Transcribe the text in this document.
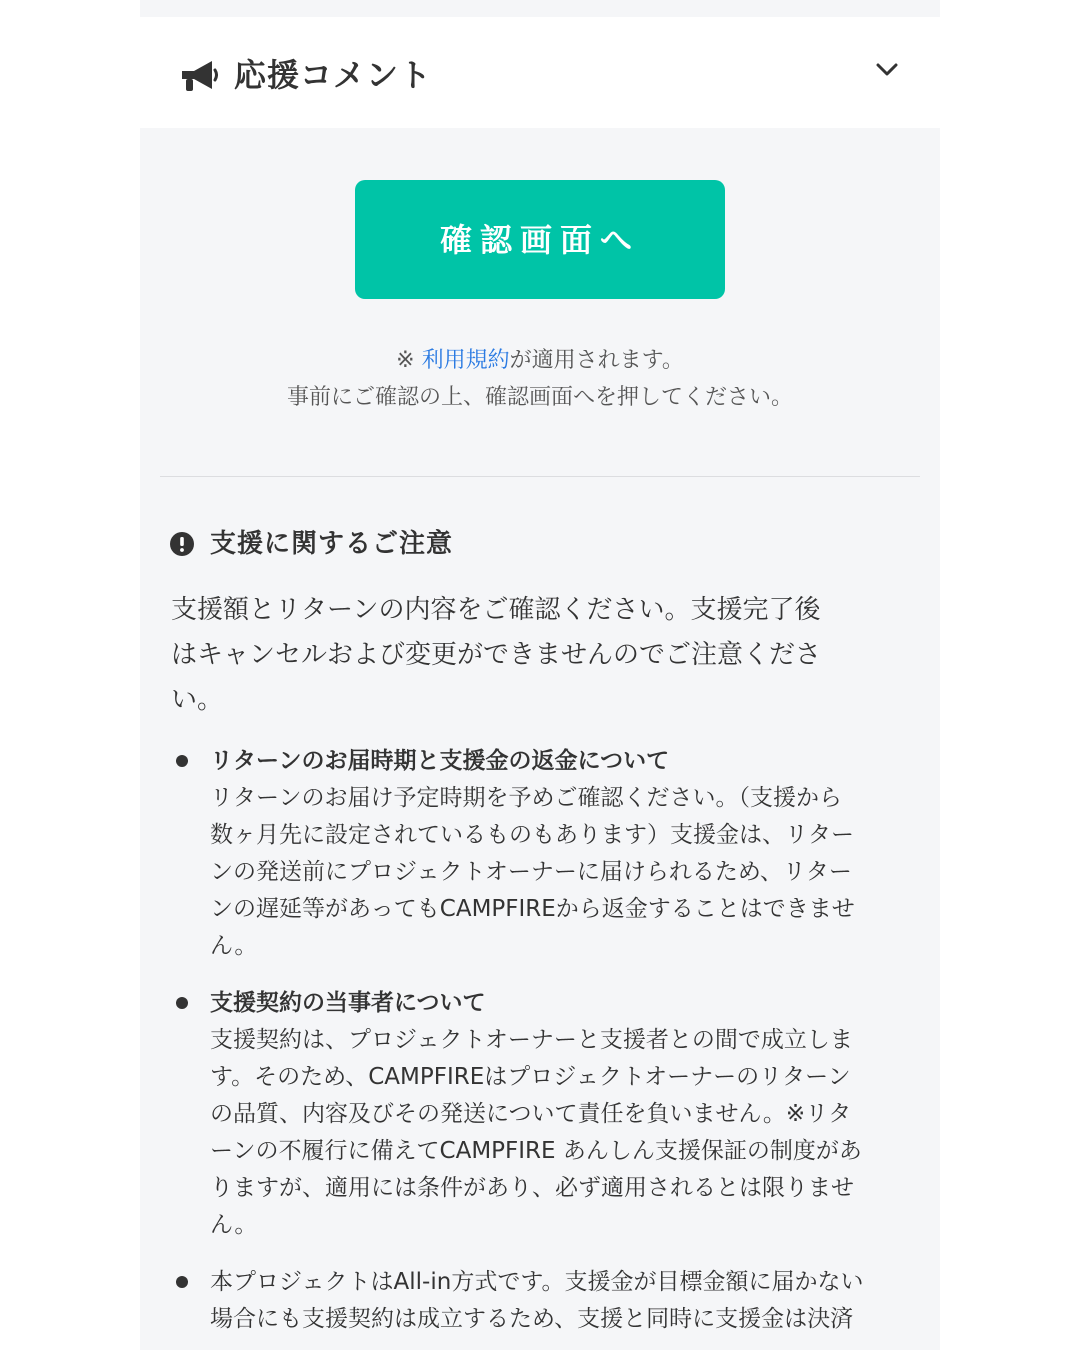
応援コメント
確認画面へ
※ 利用規約が適用されます。
事前にご確認の上、確認画面へを押してください。
支援に関するご注意
支援額とリターンの内容をご確認ください。支援完了後
はキャンセルおよび変更ができませんのでご注意くださ
い。
リターンのお届時期と支援金の返金について
リターンのお届け予定時期を予めご確認ください。（支援から
数ヶ月先に設定されているものもあります）支援金は、リター
ンの発送前にプロジェクトオーナーに届けられるため、リター
ンの遅延等があってもCAMPFIREから返金することはできませ
ん。
支援契約の当事者について
支援契約は、プロジェクトオーナーと支援者との間で成立しま
す。そのため、CAMPFIREはプロジェクトオーナーのリターン
の品質、内容及びその発送について責任を負いません。※リタ
ーンの不履行に備えてCAMPFIRE あんしん支援保証の制度があ
りますが、適用には条件があり、必ず適用されるとは限りませ
ん。
本プロジェクトはAll-in方式です。支援金が目標金額に届かない
場合にも支援契約は成立するため、支援と同時に支援金は決済
